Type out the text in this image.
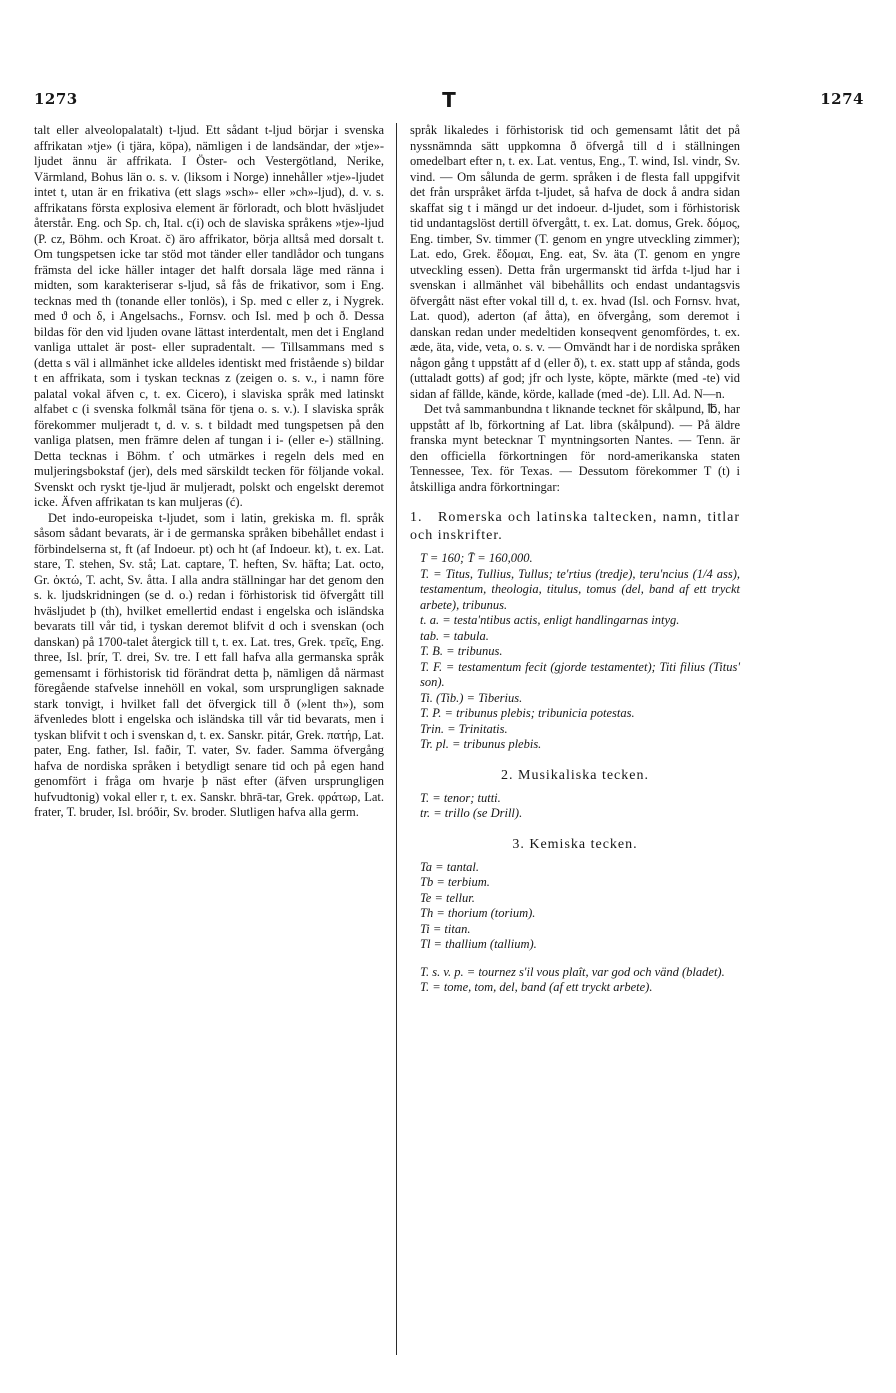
1273	T	1274

talt eller alveolopalatalt) t-ljud. Ett sådant t-ljud börjar i svenska affrikatan »tje» (i tjära, köpa), nämligen i de landsändar, der »tje»-ljudet ännu är affrikata. I Öster- och Vestergötland, Nerike, Värmland, Bohus län o. s. v. (liksom i Norge) innehåller »tje»-ljudet intet t, utan är en frikativa (ett slags »sch»- eller »ch»-ljud), d. v. s. affrikatans första explosiva element är förloradt, och blott hväsljudet återstår. Eng. och Sp. ch, Ital. c(i) och de slaviska språkens »tje»-ljud (P. cz, Böhm. och Kroat. č) äro affrikator, börja alltså med dorsalt t. Om tungspetsen icke tar stöd mot tänder eller tandlådor och tungans främsta del icke häller intager det halft dorsala läge med ränna i midten, som karakteriserar s-ljud, så fås de frikativor, som i Eng. tecknas med th (tonande eller tonlös), i Sp. med c eller z, i Nygrek. med ϑ och δ, i Angelsachs., Fornsv. och Isl. med þ och ð. Dessa bildas för den vid ljuden ovane lättast interdentalt, men det i England vanliga uttalet är post- eller supradentalt. — Tillsammans med s (detta s väl i allmänhet icke alldeles identiskt med fristående s) bildar t en affrikata, som i tyskan tecknas z (zeigen o. s. v., i namn före palatal vokal äfven c, t. ex. Cicero), i slaviska språk med latinskt alfabet c (i svenska folkmål tsäna för tjena o. s. v.). I slaviska språk förekommer muljeradt t, d. v. s. t bildadt med tungspetsen på den vanliga platsen, men främre delen af tungan i i- (eller e-) ställning. Detta tecknas i Böhm. ť och utmärkes i regeln dels med en muljeringsbokstaf (jer), dels med särskildt tecken för följande vokal. Svenskt och ryskt tje-ljud är muljeradt, polskt och engelskt deremot icke. Äfven affrikatan ts kan muljeras (ć).

Det indo-europeiska t-ljudet, som i latin, grekiska m. fl. språk såsom sådant bevarats, är i de germanska språken bibehållet endast i förbindelserna st, ft (af Indoeur. pt) och ht (af Indoeur. kt), t. ex. Lat. stare, T. stehen, Sv. stå; Lat. captare, T. heften, Sv. häfta; Lat. octo, Gr. ὀκτώ, T. acht, Sv. åtta. I alla andra ställningar har det genom den s. k. ljudskridningen (se d. o.) redan i förhistorisk tid öfvergått till hväsljudet þ (th), hvilket emellertid endast i engelska och isländska bevarats till vår tid, i tyskan deremot blifvit d och i svenskan (och danskan) på 1700-talet återgick till t, t. ex. Lat. tres, Grek. τρεῖς, Eng. three, Isl. þrír, T. drei, Sv. tre. I ett fall hafva alla germanska språk gemensamt i förhistorisk tid förändrat detta þ, nämligen då närmast föregående stafvelse innehöll en vokal, som ursprungligen saknade stark tonvigt, i hvilket fall det öfvergick till ð (»lent th»), som äfvenledes blott i engelska och isländska till vår tid bevarats, men i tyskan blifvit t och i svenskan d, t. ex. Sanskr. pitár, Grek. πατήρ, Lat. pater, Eng. father, Isl. faðir, T. vater, Sv. fader. Samma öfvergång hafva de nordiska språken i betydligt senare tid och på egen hand genomfört i fråga om hvarje þ näst efter (äfven ursprungligen hufvudtonig) vokal eller r, t. ex. Sanskr. bhrā-tar, Grek. φράτωρ, Lat. frater, T. bruder, Isl. bróðir, Sv. broder. Slutligen hafva alla germ.

språk likaledes i förhistorisk tid och gemensamt låtit det på nyssnämnda sätt uppkomna ð öfvergå till d i ställningen omedelbart efter n, t. ex. Lat. ventus, Eng., T. wind, Isl. vindr, Sv. vind. — Om sålunda de germ. språken i de flesta fall uppgifvit det från urspråket ärfda t-ljudet, så hafva de dock å andra sidan skaffat sig t i mängd ur det indoeur. d-ljudet, som i förhistorisk tid undantagslöst dertill öfvergått, t. ex. Lat. domus, Grek. δόμος, Eng. timber, Sv. timmer (T. genom en yngre utveckling zimmer); Lat. edo, Grek. ἔδομαι, Eng. eat, Sv. äta (T. genom en yngre utveckling essen). Detta från urgermanskt tid ärfda t-ljud har i svenskan i allmänhet väl bibehållits och endast undantagsvis öfvergått näst efter vokal till d, t. ex. hvad (Isl. och Fornsv. hvat, Lat. quod), aderton (af åtta), en öfvergång, som deremot i danskan redan under medeltiden konseqvent genomfördes, t. ex. æde, äta, vide, veta, o. s. v. — Omvändt har i de nordiska språken någon gång t uppstått af d (eller ð), t. ex. statt upp af stånda, gods (uttaladt gotts) af god; jfr och lyste, köpte, märkte (med -te) vid sidan af fällde, kände, körde, kallade (med -de). Lll. Ad. N—n.

Det två sammanbundna t liknande tecknet för skålpund, ℔, har uppstått af lb, förkortning af Lat. libra (skålpund). — På äldre franska mynt betecknar T myntningsorten Nantes. — Tenn. är den officiella förkortningen för nord-amerikanska staten Tennessee, Tex. för Texas. — Dessutom förekommer T (t) i åtskilliga andra förkortningar:

1. Romerska och latinska taltecken, namn, titlar och inskrifter.

T = 160; T̄ = 160,000.

T. = Titus, Tullius, Tullus; te'rtius (tredje), teru'ncius (1/4 ass), testamentum, theologia, titulus, tomus (del, band af ett tryckt arbete), tribunus.

t. a. = testa'ntibus actis, enligt handlingarnas intyg.

tab. = tabula.

T. B. = tribunus.

T. F. = testamentum fecit (gjorde testamentet); Titi filius (Titus' son).

Ti. (Tib.) = Tiberius.

T. P. = tribunus plebis; tribunicia potestas.

Trin. = Trinitatis.

Tr. pl. = tribunus plebis.

2. Musikaliska tecken.

T. = tenor; tutti.

tr. = trillo (se Drill).

3. Kemiska tecken.

Ta = tantal.

Tb = terbium.

Te = tellur.

Th = thorium (torium).

Ti = titan.

Tl = thallium (tallium).

T. s. v. p. = tournez s'il vous plaît, var god och vänd (bladet).

T. = tome, tom, del, band (af ett tryckt arbete).
